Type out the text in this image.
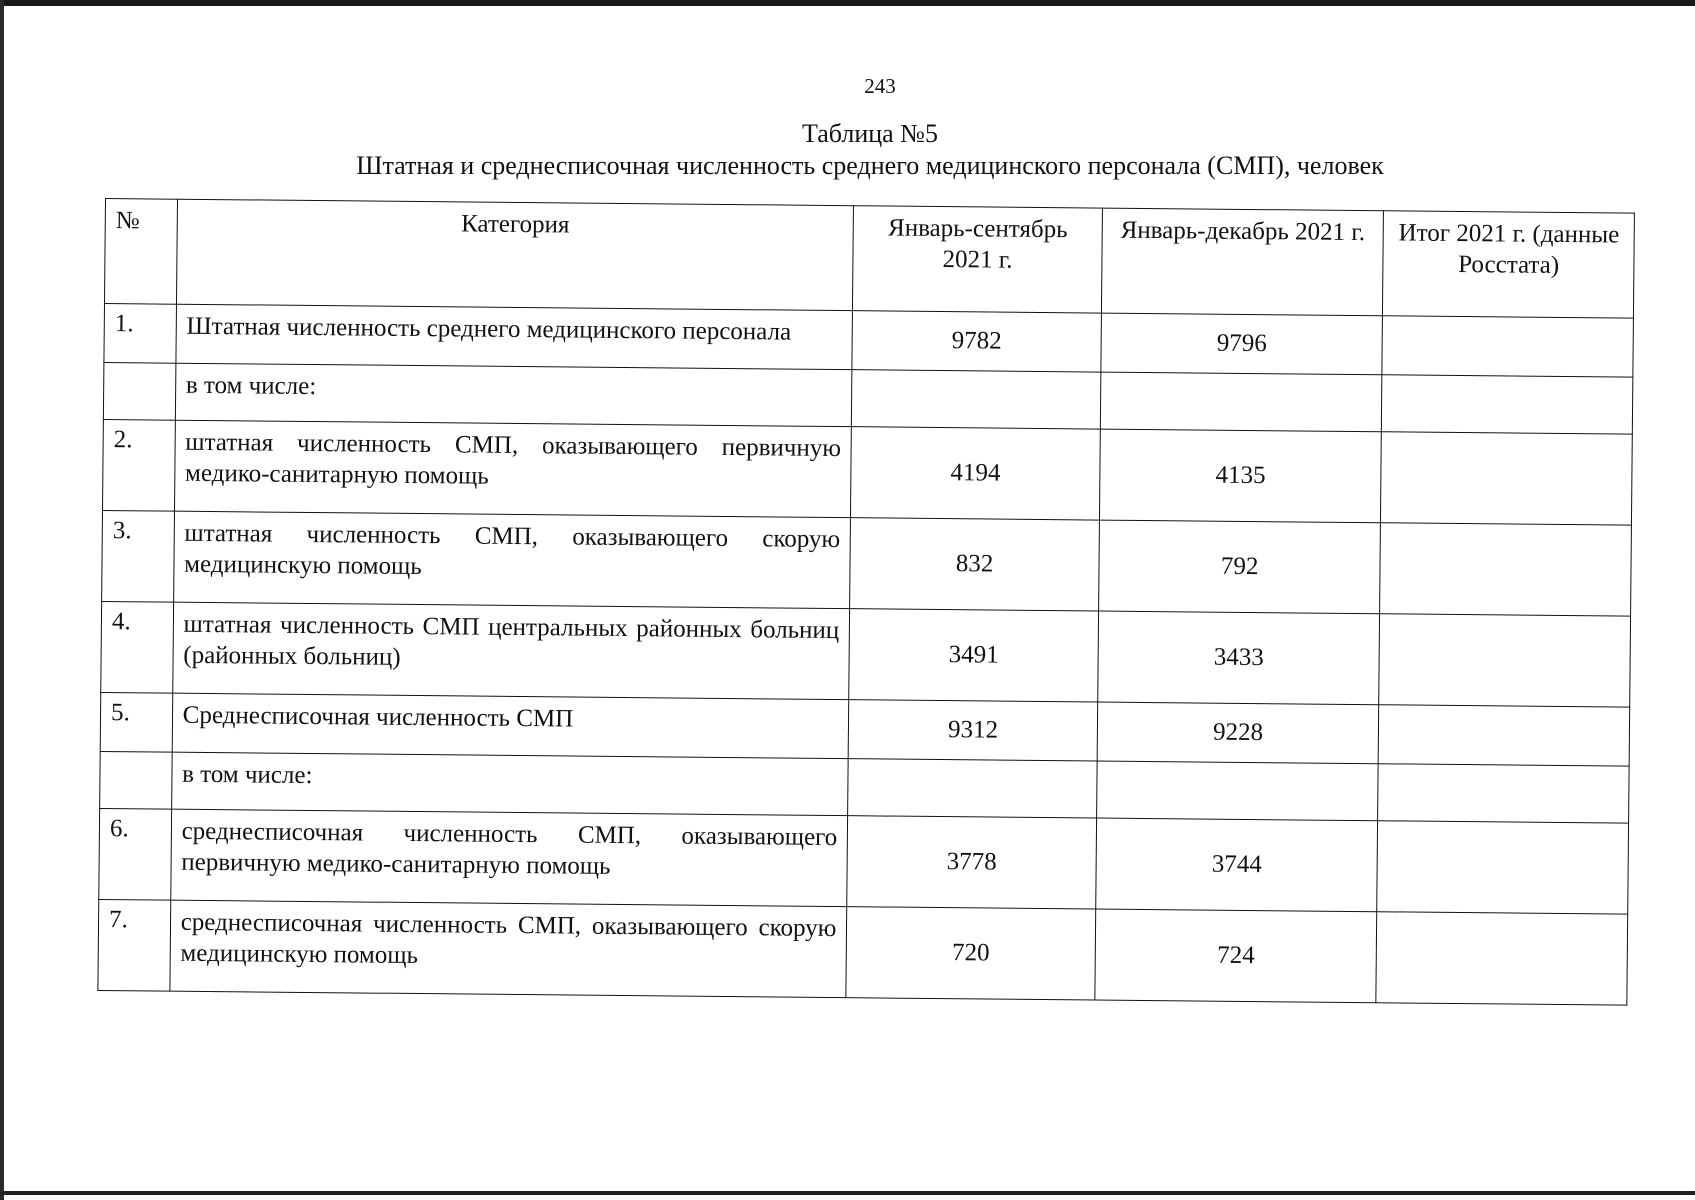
243
Таблица №5
Штатная и среднесписочная численность среднего медицинского персонала (СМП), человек
№	Категория	Январь-сентябрь 2021 г.	Январь-декабрь 2021 г.	Итог 2021 г. (данные Росстата)
1.	Штатная численность среднего медицинского персонала	9782	9796	
	в том числе:			
2.	штатная численность СМП, оказывающего первичную медико-санитарную помощь	4194	4135	
3.	штатная численность СМП, оказывающего скорую медицинскую помощь	832	792	
4.	штатная численность СМП центральных районных больниц (районных больниц)	3491	3433	
5.	Среднесписочная численность СМП	9312	9228	
	в том числе:			
6.	среднесписочная численность СМП, оказывающего первичную медико-санитарную помощь	3778	3744	
7.	среднесписочная численность СМП, оказывающего скорую медицинскую помощь	720	724	
